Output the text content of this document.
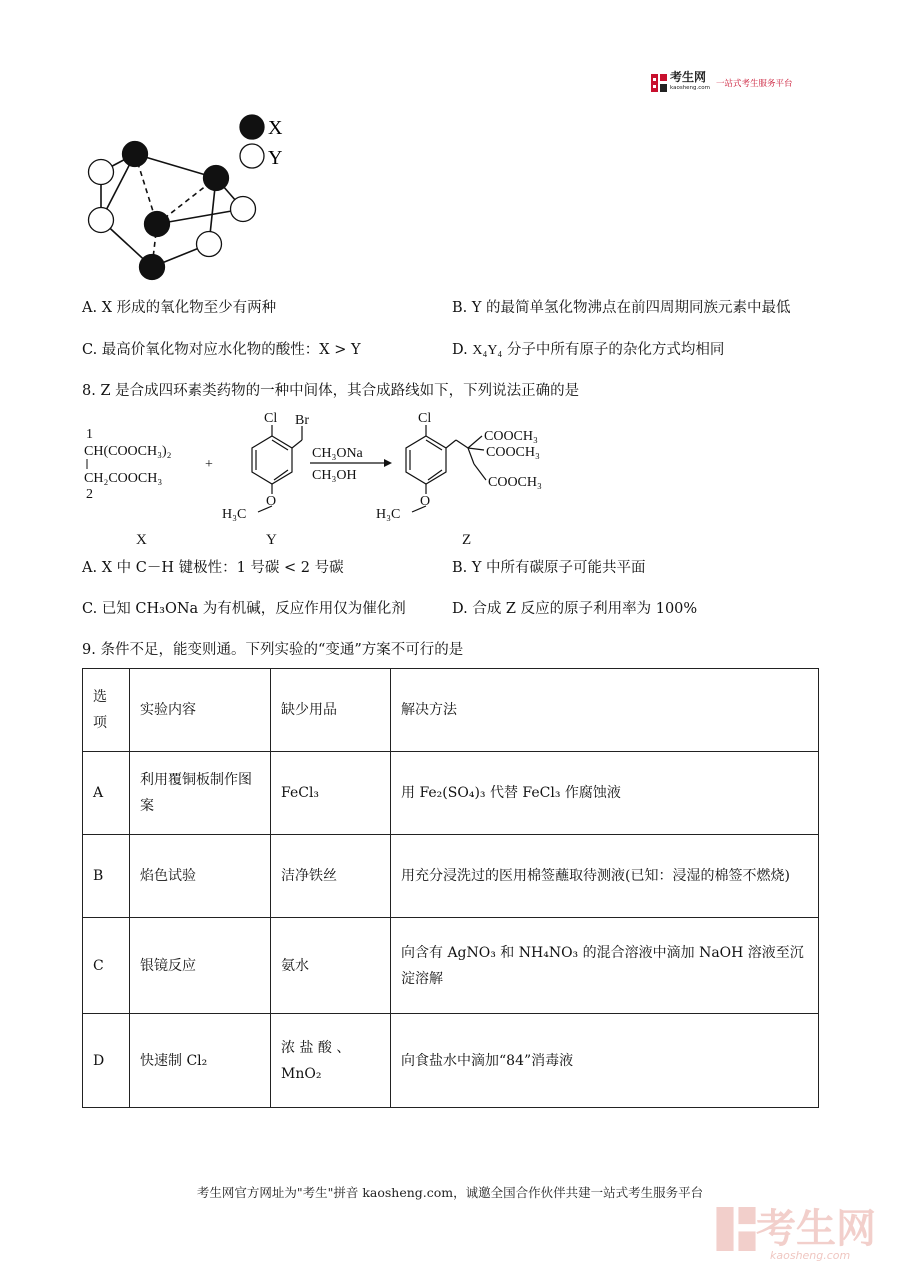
考生网
kaosheng.com 一站式考生服务平台
X
Y
A. X 形成的氧化物至少有两种	B. Y 的最简单氢化物沸点在前四周期同族元素中最低
C. 最高价氧化物对应水化物的酸性：X > Y	D. X₄Y₄ 分子中所有原子的杂化方式均相同
8. Z 是合成四环素类药物的一种中间体，其合成路线如下，下列说法正确的是
1
CH(COOCH₃)₂
CH₂COOCH₃
2
+
Cl Br
O
H₃C
CH₃ONa
CH₃OH
Cl
COOCH₃
COOCH₃
COOCH₃
O
H₃C
X	Y	Z
A. X 中 C－H 键极性：1 号碳 < 2 号碳	B. Y 中所有碳原子可能共平面
C. 已知 CH₃ONa 为有机碱，反应作用仅为催化剂	D. 合成 Z 反应的原子利用率为 100%
9. 条件不足，能变则通。下列实验的“变通”方案不可行的是
选项	实验内容	缺少用品	解决方法
A	利用覆铜板制作图案	FeCl₃	用 Fe₂(SO₄)₃ 代替 FeCl₃ 作腐蚀液
B	焰色试验	洁净铁丝	用充分浸洗过的医用棉签蘸取待测液(已知：浸湿的棉签不燃烧)
C	银镜反应	氨水	向含有 AgNO₃ 和 NH₄NO₃ 的混合溶液中滴加 NaOH 溶液至沉淀溶解
D	快速制 Cl₂	浓 盐 酸 、 MnO₂	向食盐水中滴加“84”消毒液
考生网官方网址为"考生"拼音 kaosheng.com，诚邀全国合作伙伴共建一站式考生服务平台
考生网
kaosheng.com
